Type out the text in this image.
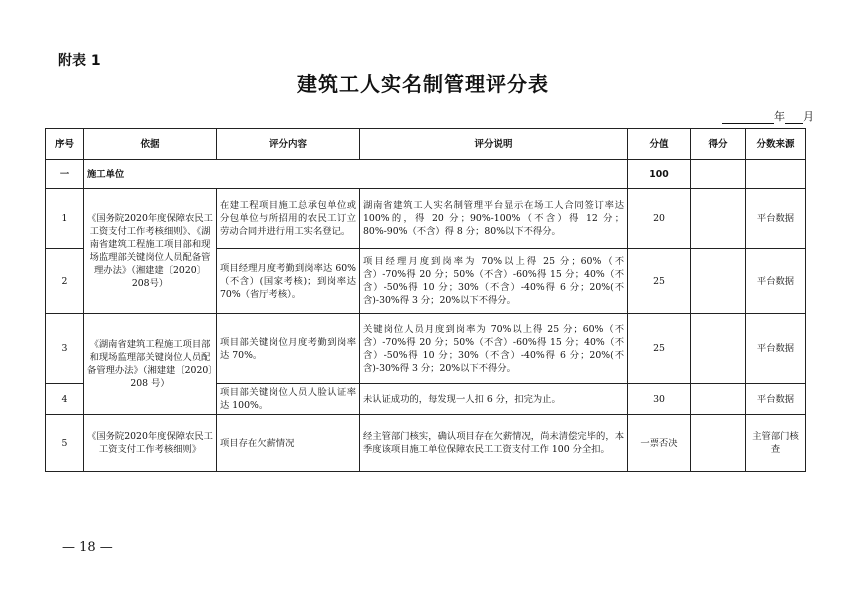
附表 1
建筑工人实名制管理评分表
年 月
序号	依据	评分内容	评分说明	分值	得分	分数来源
一	施工单位			100		
1	《国务院2020年度保障农民工工资支付工作考核细则》、《湖南省建筑工程施工项目部和现场监理部关键岗位人员配备管理办法》（湘建建〔2020〕208号）	在建工程项目施工总承包单位或分包单位与所招用的农民工订立劳动合同并进行用工实名登记。	湖南省建筑工人实名制管理平台显示在场工人合同签订率达 100%的，得 20 分；90%-100%（不含）得 12 分；80%-90%（不含）得 8 分；80%以下不得分。	20		平台数据
2		项目经理月度考勤到岗率达 60%（不含）(国家考核)；到岗率达 70%（省厅考核）。	项目经理月度到岗率为 70%以上得 25 分；60%（不含）-70%得 20 分；50%（不含）-60%得 15 分；40%（不含）-50%得 10 分；30%（不含）-40%得 6 分；20%(不含)-30%得 3 分；20%以下不得分。	25		平台数据
3	《湖南省建筑工程施工项目部和现场监理部关键岗位人员配备管理办法》（湘建建〔2020〕208 号）	项目部关键岗位月度考勤到岗率达 70%。	关键岗位人员月度到岗率为 70%以上得 25 分；60%（不含）-70%得 20 分；50%（不含）-60%得 15 分；40%（不含）-50%得 10 分；30%（不含）-40%得 6 分；20%(不含)-30%得 3 分；20%以下不得分。	25		平台数据
4		项目部关键岗位人员人脸认证率达 100%。	未认证成功的，每发现一人扣 6 分，扣完为止。	30		平台数据
5	《国务院2020年度保障农民工工资支付工作考核细则》	项目存在欠薪情况	经主管部门核实，确认项目存在欠薪情况，尚未清偿完毕的，本季度该项目施工单位保障农民工工资支付工作 100 分全扣。	一票否决		主管部门核查
— 18 —
